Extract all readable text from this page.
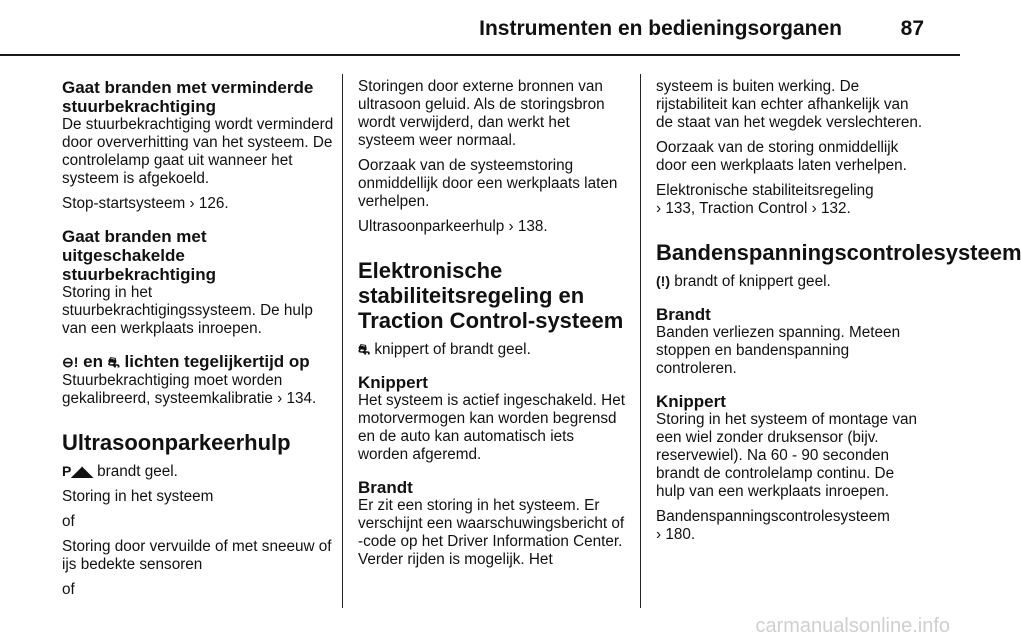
Instrumenten en bedieningsorganen	87
Gaat branden met verminderde stuurbekrachtiging

De stuurbekrachtiging wordt verminderd door oververhitting van het systeem. De controlelamp gaat uit wanneer het systeem is afgekoeld.

Stop-startsysteem › 126.

Gaat branden met uitgeschakelde stuurbekrachtiging

Storing in het stuurbekrachtigingssysteem. De hulp van een werkplaats inroepen.

⊖! en ⛐ lichten tegelijkertijd op

Stuurbekrachtiging moet worden gekalibreerd, systeemkalibratie › 134.

Ultrasoonparkeerhulp

P◢◣ brandt geel.

Storing in het systeem

of

Storing door vervuilde of met sneeuw of ijs bedekte sensoren

of

Storingen door externe bronnen van ultrasoon geluid. Als de storingsbron wordt verwijderd, dan werkt het systeem weer normaal.

Oorzaak van de systeemstoring onmiddellijk door een werkplaats laten verhelpen.

Ultrasoonparkeerhulp › 138.

Elektronische stabiliteitsregeling en Traction Control-systeem

⛐ knippert of brandt geel.

Knippert

Het systeem is actief ingeschakeld. Het motorvermogen kan worden begrensd en de auto kan automatisch iets worden afgeremd.

Brandt

Er zit een storing in het systeem. Er verschijnt een waarschuwingsbericht of -code op het Driver Information Center. Verder rijden is mogelijk. Het

systeem is buiten werking. De rijstabiliteit kan echter afhankelijk van de staat van het wegdek verslechteren.

Oorzaak van de storing onmiddellijk door een werkplaats laten verhelpen.

Elektronische stabiliteitsregeling
› 133, Traction Control › 132.

Bandenspanningscontrolesysteem

(!) brandt of knippert geel.

Brandt

Banden verliezen spanning. Meteen stoppen en bandenspanning controleren.

Knippert

Storing in het systeem of montage van een wiel zonder druksensor (bijv. reservewiel). Na 60 - 90 seconden brandt de controlelamp continu. De hulp van een werkplaats inroepen.

Bandenspanningscontrolesysteem
› 180.

carmanualsonline.info
